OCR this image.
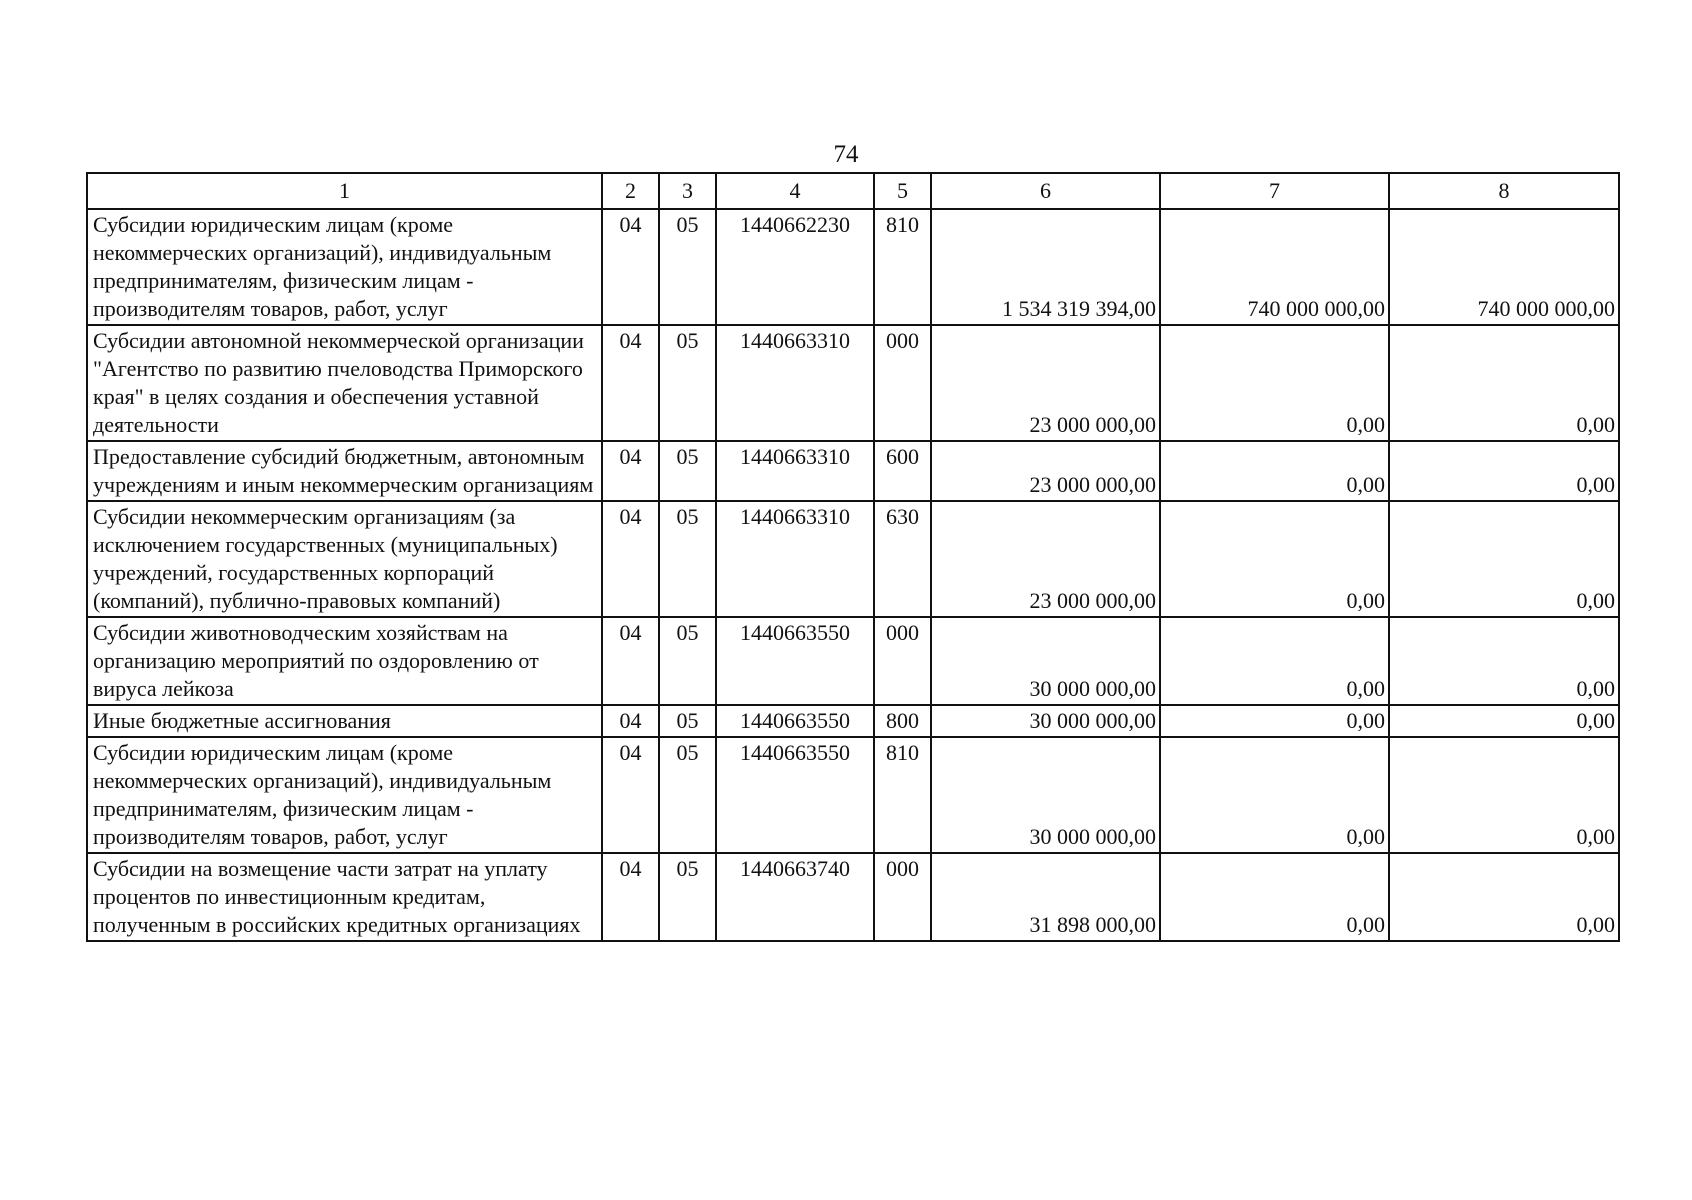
74
1	2	3	4	5	6	7	8
Субсидии юридическим лицам (кроме некоммерческих организаций), индивидуальным предпринимателям, физическим лицам - производителям товаров, работ, услуг	04	05	1440662230	810	1 534 319 394,00	740 000 000,00	740 000 000,00
Субсидии автономной некоммерческой организации "Агентство по развитию пчеловодства Приморского края" в целях создания и обеспечения уставной деятельности	04	05	1440663310	000	23 000 000,00	0,00	0,00
Предоставление субсидий бюджетным, автономным учреждениям и иным некоммерческим организациям	04	05	1440663310	600	23 000 000,00	0,00	0,00
Субсидии некоммерческим организациям (за исключением государственных (муниципальных) учреждений, государственных корпораций (компаний), публично-правовых компаний)	04	05	1440663310	630	23 000 000,00	0,00	0,00
Субсидии животноводческим хозяйствам на организацию мероприятий по оздоровлению от вируса лейкоза	04	05	1440663550	000	30 000 000,00	0,00	0,00
Иные бюджетные ассигнования	04	05	1440663550	800	30 000 000,00	0,00	0,00
Субсидии юридическим лицам (кроме некоммерческих организаций), индивидуальным предпринимателям, физическим лицам - производителям товаров, работ, услуг	04	05	1440663550	810	30 000 000,00	0,00	0,00
Субсидии на возмещение части затрат на уплату процентов по инвестиционным кредитам, полученным в российских кредитных организациях	04	05	1440663740	000	31 898 000,00	0,00	0,00
